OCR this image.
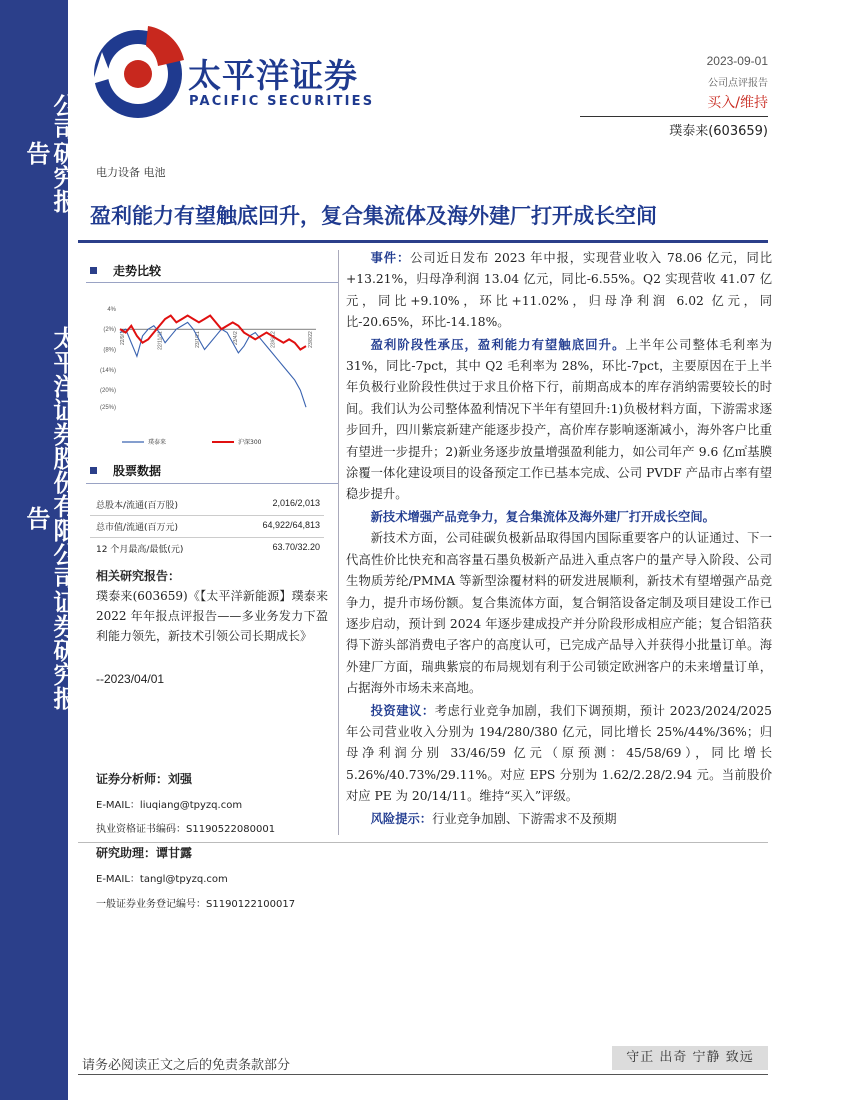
公司研究报告
太平洋证券股份有限公司证券研究报告
太平洋证券
PACIFIC SECURITIES
2023-09-01
公司点评报告
买入/维持
璞泰来(603659)
电力设备 电池
盈利能力有望触底回升，复合集流体及海外建厂打开成长空间
走势比较
4%
(2%)
(8%)
(14%)
(20%)
(25%)
22/9/1	22/11/11	23/1/21	23/4/2	23/6/12	23/8/22
璞泰来	沪深300
股票数据
总股本/流通(百万股)	2,016/2,013
总市值/流通(百万元)	64,922/64,813
12 个月最高/最低(元)	63.70/32.20
相关研究报告：
璞泰来(603659)《【太平洋新能源】璞泰来 2022 年年报点评报告——多业务发力下盈利能力领先，新技术引领公司长期成长》
--2023/04/01
证券分析师：刘强
E-MAIL：liuqiang@tpyzq.com
执业资格证书编码：S1190522080001
研究助理：谭甘露
E-MAIL：tangl@tpyzq.com
一般证券业务登记编号：S1190122100017

事件：公司近日发布 2023 年中报，实现营业收入 78.06 亿元，同比+13.21%，归母净利润 13.04 亿元，同比-6.55%。Q2 实现营收 41.07 亿元，同比+9.10%，环比+11.02%，归母净利润 6.02 亿元，同比-20.65%，环比-14.18%。

盈利阶段性承压，盈利能力有望触底回升。上半年公司整体毛利率为 31%，同比-7pct，其中 Q2 毛利率为 28%，环比-7pct，主要原因在于上半年负极行业阶段性供过于求且价格下行，前期高成本的库存消纳需要较长的时间。我们认为公司整体盈利情况下半年有望回升:1)负极材料方面，下游需求逐步回升，四川紫宸新建产能逐步投产，高价库存影响逐渐减小，海外客户比重有望进一步提升；2)新业务逐步放量增强盈利能力，如公司年产 9.6 亿㎡基膜涂覆一体化建设项目的设备预定工作已基本完成、公司 PVDF 产品市占率有望稳步提升。

新技术增强产品竞争力，复合集流体及海外建厂打开成长空间。

新技术方面，公司硅碳负极新品取得国内国际重要客户的认证通过、下一代高性价比快充和高容量石墨负极新产品进入重点客户的量产导入阶段、公司生物质芳纶/PMMA 等新型涂覆材料的研发进展顺利，新技术有望增强产品竞争力，提升市场份额。复合集流体方面，复合铜箔设备定制及项目建设工作已逐步启动，预计到 2024 年逐步建成投产并分阶段形成相应产能；复合铝箔获得下游头部消费电子客户的高度认可，已完成产品导入并获得小批量订单。海外建厂方面，瑞典紫宸的布局规划有利于公司锁定欧洲客户的未来增量订单，占据海外市场未来高地。

投资建议：考虑行业竞争加剧，我们下调预期，预计 2023/2024/2025 年公司营业收入分别为 194/280/380 亿元，同比增长 25%/44%/36%；归母净利润分别 33/46/59 亿元（原预测：45/58/69），同比增长 5.26%/40.73%/29.11%。对应 EPS 分别为 1.62/2.28/2.94 元。当前股价对应 PE 为 20/14/11。维持“买入”评级。

风险提示：行业竞争加剧、下游需求不及预期

请务必阅读正文之后的免责条款部分
守正 出奇 宁静 致远
